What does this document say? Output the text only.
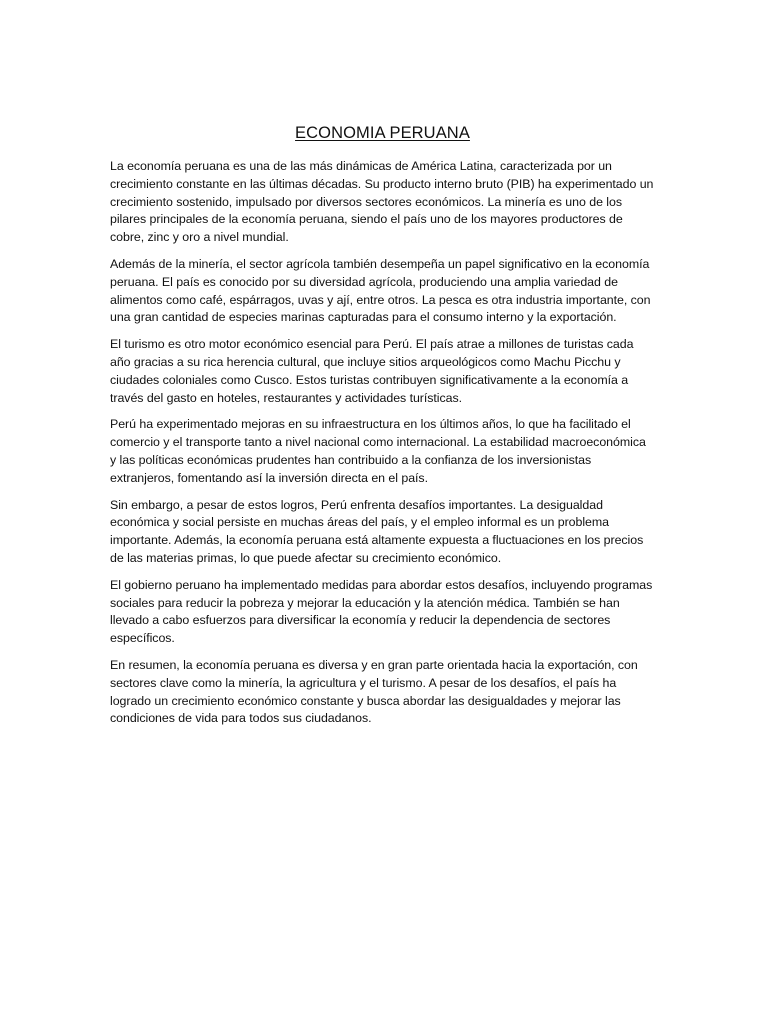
ECONOMIA PERUANA

La economía peruana es una de las más dinámicas de América Latina, caracterizada por un crecimiento constante en las últimas décadas. Su producto interno bruto (PIB) ha experimentado un crecimiento sostenido, impulsado por diversos sectores económicos. La minería es uno de los pilares principales de la economía peruana, siendo el país uno de los mayores productores de cobre, zinc y oro a nivel mundial.

Además de la minería, el sector agrícola también desempeña un papel significativo en la economía peruana. El país es conocido por su diversidad agrícola, produciendo una amplia variedad de alimentos como café, espárragos, uvas y ají, entre otros. La pesca es otra industria importante, con una gran cantidad de especies marinas capturadas para el consumo interno y la exportación.

El turismo es otro motor económico esencial para Perú. El país atrae a millones de turistas cada año gracias a su rica herencia cultural, que incluye sitios arqueológicos como Machu Picchu y ciudades coloniales como Cusco. Estos turistas contribuyen significativamente a la economía a través del gasto en hoteles, restaurantes y actividades turísticas.

Perú ha experimentado mejoras en su infraestructura en los últimos años, lo que ha facilitado el comercio y el transporte tanto a nivel nacional como internacional. La estabilidad macroeconómica y las políticas económicas prudentes han contribuido a la confianza de los inversionistas extranjeros, fomentando así la inversión directa en el país.

Sin embargo, a pesar de estos logros, Perú enfrenta desafíos importantes. La desigualdad económica y social persiste en muchas áreas del país, y el empleo informal es un problema importante. Además, la economía peruana está altamente expuesta a fluctuaciones en los precios de las materias primas, lo que puede afectar su crecimiento económico.

El gobierno peruano ha implementado medidas para abordar estos desafíos, incluyendo programas sociales para reducir la pobreza y mejorar la educación y la atención médica. También se han llevado a cabo esfuerzos para diversificar la economía y reducir la dependencia de sectores específicos.

En resumen, la economía peruana es diversa y en gran parte orientada hacia la exportación, con sectores clave como la minería, la agricultura y el turismo. A pesar de los desafíos, el país ha logrado un crecimiento económico constante y busca abordar las desigualdades y mejorar las condiciones de vida para todos sus ciudadanos.
